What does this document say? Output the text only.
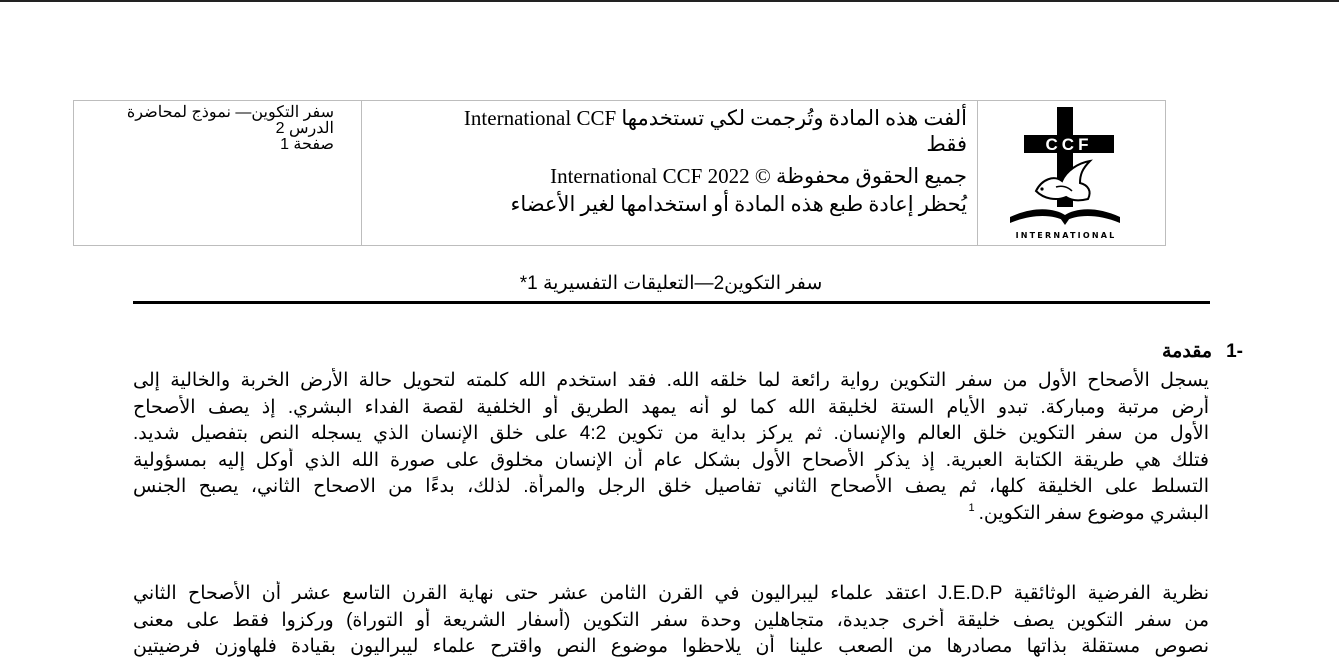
سفر التكوين— نموذج لمحاضرة
الدرس 2
صفحة 1
ألفت هذه المادة وتُرجمت لكي تستخدمها International CCF
فقط
جميع الحقوق محفوظة © International CCF 2022
يُحظر إعادة طبع هذه المادة أو استخدامها لغير الأعضاء
CCF
INTERNATIONAL
سفر التكوين2—التعليقات التفسيرية 1*
-1مقدمة
يسجل الأصحاح الأول من سفر التكوين رواية رائعة لما خلقه الله. فقد استخدم الله كلمته لتحويل حالة الأرض الخربة والخالية إلى
أرض مرتبة ومباركة. تبدو الأيام الستة لخليقة الله كما لو أنه يمهد الطريق أو الخلفية لقصة الفداء البشري. إذ يصف الأصحاح
الأول من سفر التكوين خلق العالم والإنسان. ثم يركز بداية من تكوين 4:2 على خلق الإنسان الذي يسجله النص بتفصيل شديد.
فتلك هي طريقة الكتابة العبرية. إذ يذكر الأصحاح الأول بشكل عام أن الإنسان مخلوق على صورة الله الذي أوكل إليه بمسؤولية
التسلط على الخليقة كلها، ثم يصف الأصحاح الثاني تفاصيل خلق الرجل والمرأة. لذلك، بدءًا من الاصحاح الثاني، يصبح الجنس
البشري موضوع سفر التكوين.$^1$
نظرية الفرضية الوثائقية J.E.D.P اعتقد علماء ليبراليون في القرن الثامن عشر حتى نهاية القرن التاسع عشر أن الأصحاح الثاني
من سفر التكوين يصف خليقة أخرى جديدة، متجاهلين وحدة سفر التكوين (أسفار الشريعة أو التوراة) وركزوا فقط على معنى
نصوص مستقلة بذاتها مصادرها من الصعب علينا أن يلاحظوا موضوع النص واقترح علماء ليبراليون بقيادة فلهاوزن فرضيتين
